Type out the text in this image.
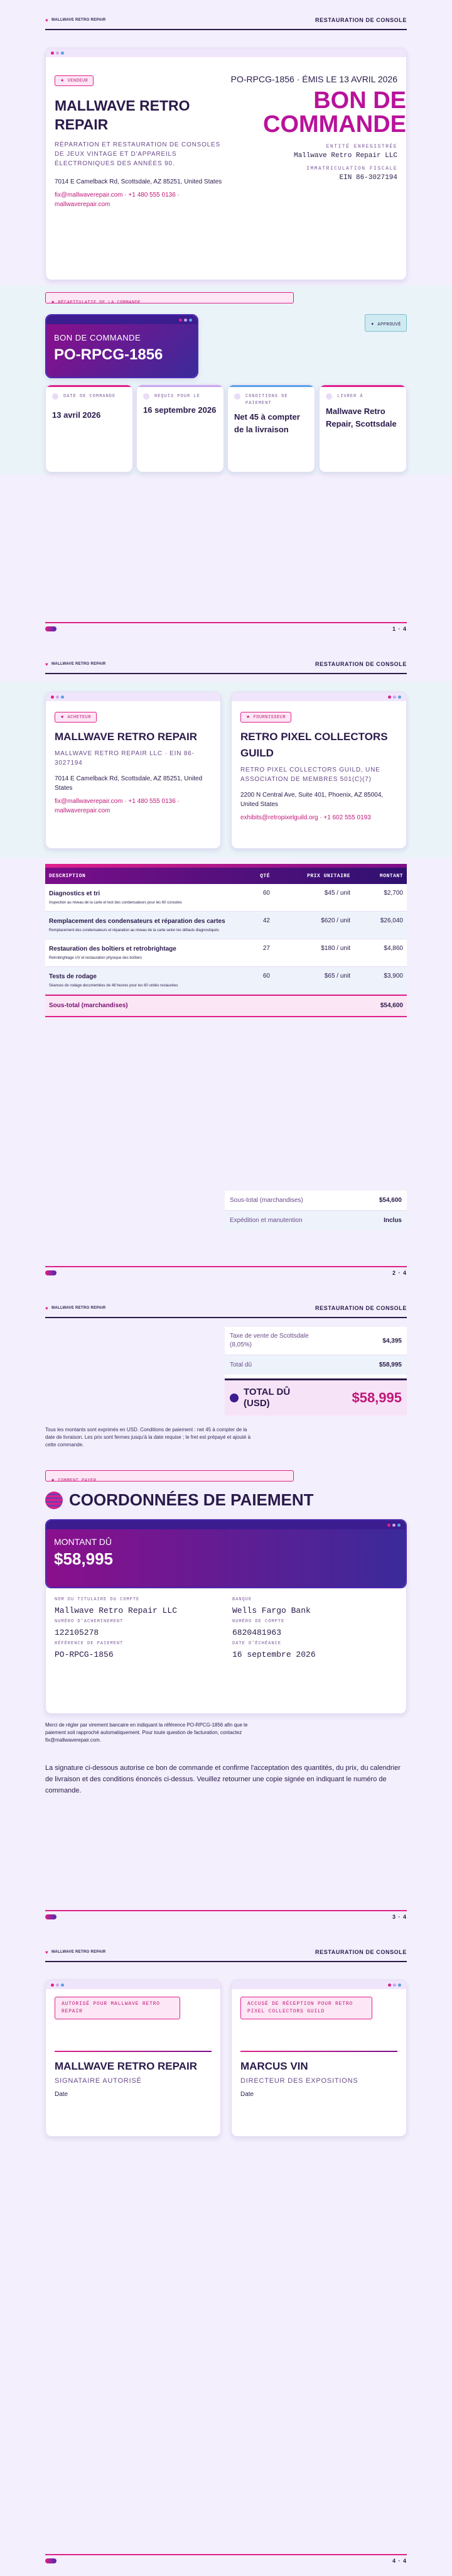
♥ MALLWAVE RETRO REPAIR	RESTAURATION DE CONSOLE
★ VENDEUR
MALLWAVE RETRO REPAIR
RÉPARATION ET RESTAURATION DE CONSOLES DE JEUX VINTAGE ET D'APPAREILS ÉLECTRONIQUES DES ANNÉES 90.
7014 E Camelback Rd, Scottsdale, AZ 85251, United States
fix@mallwaverepair.com · +1 480 555 0136 · mallwaverepair.com
PO-RPCG-1856 · ÉMIS LE 13 AVRIL 2026
BON DE COMMANDE
ENTITÉ ENREGISTRÉE
Mallwave Retro Repair LLC
IMMATRICULATION FISCALE
EIN 86-3027194
★ RÉCAPITULATIF DE LA COMMANDE
BON DE COMMANDE
PO-RPCG-1856
✦ APPROUVÉ
DATE DE COMMANDE
13 avril 2026
REQUIS POUR LE
16 septembre 2026
CONDITIONS DE PAIEMENT
Net 45 à compter de la livraison
LIVRER À
Mallwave Retro Repair, Scottsdale
1 · 4
♥ MALLWAVE RETRO REPAIR	RESTAURATION DE CONSOLE
★ ACHETEUR
MALLWAVE RETRO REPAIR
MALLWAVE RETRO REPAIR LLC · EIN 86-3027194
7014 E Camelback Rd, Scottsdale, AZ 85251, United States
fix@mallwaverepair.com · +1 480 555 0136 · mallwaverepair.com
★ FOURNISSEUR
RETRO PIXEL COLLECTORS GUILD
RETRO PIXEL COLLECTORS GUILD, UNE ASSOCIATION DE MEMBRES 501(C)(7)
2200 N Central Ave, Suite 401, Phoenix, AZ 85004, United States
exhibits@retropixelguild.org · +1 602 555 0193
DESCRIPTION	QTÉ	PRIX UNITAIRE	MONTANT
Diagnostics et tri
Inspection au niveau de la carte et test des condensateurs pour les 60 consoles
60	$45 / unit	$2,700
Remplacement des condensateurs et réparation des cartes
Remplacement des condensateurs et réparation au niveau de la carte selon les défauts diagnostiqués
42	$620 / unit	$26,040
Restauration des boîtiers et retrobrightage
Retrobrightage UV et restauration physique des boîtiers
27	$180 / unit	$4,860
Tests de rodage
Séances de rodage documentées de 48 heures pour les 60 unités restaurées
60	$65 / unit	$3,900
Sous-total (marchandises)	$54,600
Sous-total (marchandises)	$54,600
Expédition et manutention	Inclus
2 · 4
♥ MALLWAVE RETRO REPAIR	RESTAURATION DE CONSOLE
Taxe de vente de Scottsdale (8,05%)
$4,395
Total dû	$58,995
TOTAL DÛ (USD)	$58,995
Tous les montants sont exprimés en USD. Conditions de paiement : net 45 à compter de la date de livraison. Les prix sont fermes jusqu'à la date requise ; le fret est prépayé et ajouté à cette commande.
★ COMMENT PAYER
COORDONNÉES DE PAIEMENT
MONTANT DÛ
$58,995
NOM DU TITULAIRE DU COMPTE
Mallwave Retro Repair LLC
BANQUE
Wells Fargo Bank
NUMÉRO D'ACHEMINEMENT
122105278
NUMÉRO DE COMPTE
6820481963
RÉFÉRENCE DE PAIEMENT
PO-RPCG-1856
DATE D'ÉCHÉANCE
16 septembre 2026
Merci de régler par virement bancaire en indiquant la référence PO-RPCG-1856 afin que le paiement soit rapproché automatiquement. Pour toute question de facturation, contactez fix@mallwaverepair.com.
La signature ci-dessous autorise ce bon de commande et confirme l'acceptation des quantités, du prix, du calendrier de livraison et des conditions énoncés ci-dessus. Veuillez retourner une copie signée en indiquant le numéro de commande.
3 · 4
♥ MALLWAVE RETRO REPAIR	RESTAURATION DE CONSOLE
AUTORISÉ POUR MALLWAVE RETRO REPAIR
MALLWAVE RETRO REPAIR
SIGNATAIRE AUTORISÉ
Date
ACCUSÉ DE RÉCEPTION POUR RETRO PIXEL COLLECTORS GUILD
MARCUS VIN
DIRECTEUR DES EXPOSITIONS
Date
4 · 4
